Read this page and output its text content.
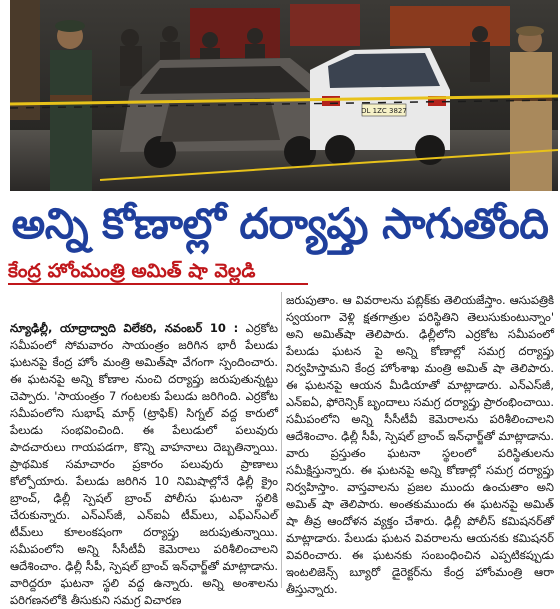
DL 1ZC 3827
అన్ని కోణాల్లో దర్యాప్తు సాగుతోంది
కేంద్ర హోంమంత్రి అమిత్ షా వెల్లడి

న్యూఢిల్లీ, యాద్రాద్వాది విలేకరి, నవంబర్ 10 : ఎర్రకోట సమీపంలో సోమవారం సాయంత్రం జరిగిన భారీ పేలుడు ఘటనపై కేంద్ర హోం మంత్రి అమిత్‌షా వేగంగా స్పందించారు. ఈ ఘటనపై అన్ని కోణాల నుంచి దర్యాప్తు జరుపుతున్నట్టు చెప్పారు. 'సాయంత్రం 7 గంటలకు పేలుడు జరిగింది. ఎర్రకోట సమీపంలోని సుభాష్ మార్గ్ (ట్రాఫిక్) సిగ్నల్ వద్ద కారులో పేలుడు సంభవించింది. ఈ పేలుడులో పలువురు పాదచారులు గాయపడగా, కొన్ని వాహనాలు దెబ్బతిన్నాయి. ప్రాథమిక సమాచారం ప్రకారం పలువురు ప్రాణాలు కోల్పోయారు. పేలుడు జరిగిన 10 నిమిషాల్లోనే ఢిల్లీ క్రైం బ్రాంచ్, ఢిల్లీ స్పెషల్ బ్రాంచ్ పోలీసు ఘటనా స్థలికి చేరుకున్నారు. ఎన్ఎస్‌జీ, ఎన్ఐఏ టీమ్‌లు, ఎఫ్ఎస్ఎల్ టీమ్‌లు కూలంకషంగా దర్యాప్తు జరుపుతున్నాయి. సమీపంలోని అన్ని సీసీటీవీ కెమెరాలు పరిశీలించాలని ఆదేశించాం. ఢిల్లీ సీపీ, స్పెషల్ బ్రాంచ్ ఇన్‌ఛార్జ్‌తో మాట్లాడాను. వారిద్దరూ ఘటనా స్థలి వద్ద ఉన్నారు. అన్ని అంశాలను పరిగణనలోకి తీసుకుని సమగ్ర విచారణ

జరుపుతాం. ఆ వివరాలను పబ్లిక్‌కు తెలియజేస్తాం. ఆసుపత్రికి స్వయంగా వెళ్లి క్షతగాత్రుల పరిస్థితిని తెలుసుకుంటున్నాం' అని అమిత్‌షా తెలిపారు. ఢిల్లీలోని ఎర్రకోట సమీపంలో పేలుడు ఘటన పై అన్ని కోణాల్లో సమగ్ర దర్యాప్తు నిర్వహిస్తామని కేంద్ర హోంశాఖ మంత్రి అమిత్ షా తెలిపారు. ఈ ఘటనపై ఆయన మీడియాతో మాట్లాడారు. ఎన్ఎస్‌జీ, ఎన్ఐఏ, ఫోరెన్సిక్ బృందాలు సమగ్ర దర్యాప్తు ప్రారంభించాయి. సమీపంలోని అన్ని సీసీటీవీ కెమెరాలను పరిశీలించాలని ఆదేశించాం. ఢిల్లీ సీపీ, స్పెషల్ బ్రాంచ్ ఇన్‌ఛార్జ్‌తో మాట్లాడాను. వారు ప్రస్తుతం ఘటనా స్థలంలో పరిస్థితులను సమీక్షిస్తున్నారు. ఈ ఘటనపై అన్ని కోణాల్లో సమగ్ర దర్యాప్తు నిర్వహిస్తాం. వాస్తవాలను ప్రజల ముందు ఉంచుతాం అని అమిత్ షా తెలిపారు. అంతకుముందు ఈ ఘటనపై అమిత్ షా తీవ్ర ఆందోళన వ్యక్తం చేశారు. ఢిల్లీ పోలీస్ కమిషనర్‌తో మాట్లాడారు. పేలుడు ఘటన వివరాలను ఆయనకు కమిషనర్ వివరించారు. ఈ ఘటనకు సంబంధించిన ఎప్పటికప్పుడు ఇంటలిజెన్స్ బ్యూరో డైరెక్టర్‌ను కేంద్ర హోంమంత్రి ఆరా తీస్తున్నారు.
